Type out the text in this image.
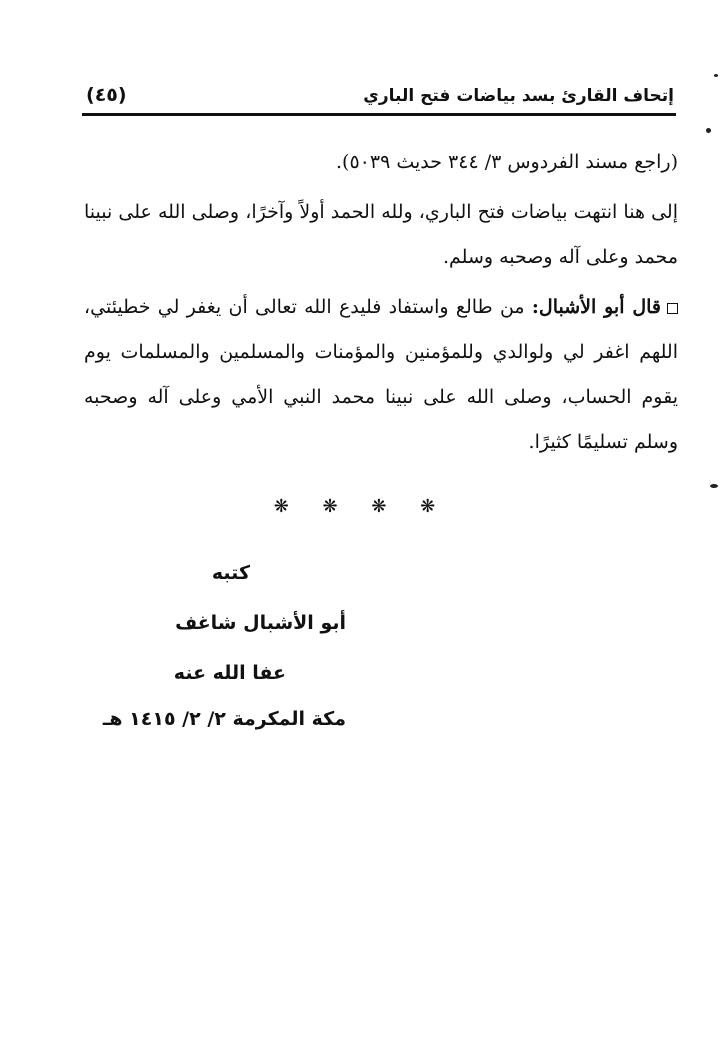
إتحاف القارئ بسد بياضات فتح الباري
(٤٥)

(راجع مسند الفردوس ٣/ ٣٤٤ حديث ٥٠٣٩).

إلى هنا انتهت بياضات فتح الباري، ولله الحمد أولاً وآخرًا، وصلى الله على نبينا محمد وعلى آله وصحبه وسلم.

قال أبو الأشبال: من طالع واستفاد فليدع الله تعالى أن يغفر لي خطيئتي، اللهم اغفر لي ولوالدي وللمؤمنين والمؤمنات والمسلمين والمسلمات يوم يقوم الحساب، وصلى الله على نبينا محمد النبي الأمي وعلى آله وصحبه وسلم تسليمًا كثيرًا.

❋ ❋ ❋ ❋
كتبه
أبو الأشبال شاغف
عفا الله عنه
مكة المكرمة ٢/ ٢/ ١٤١٥ هـ
